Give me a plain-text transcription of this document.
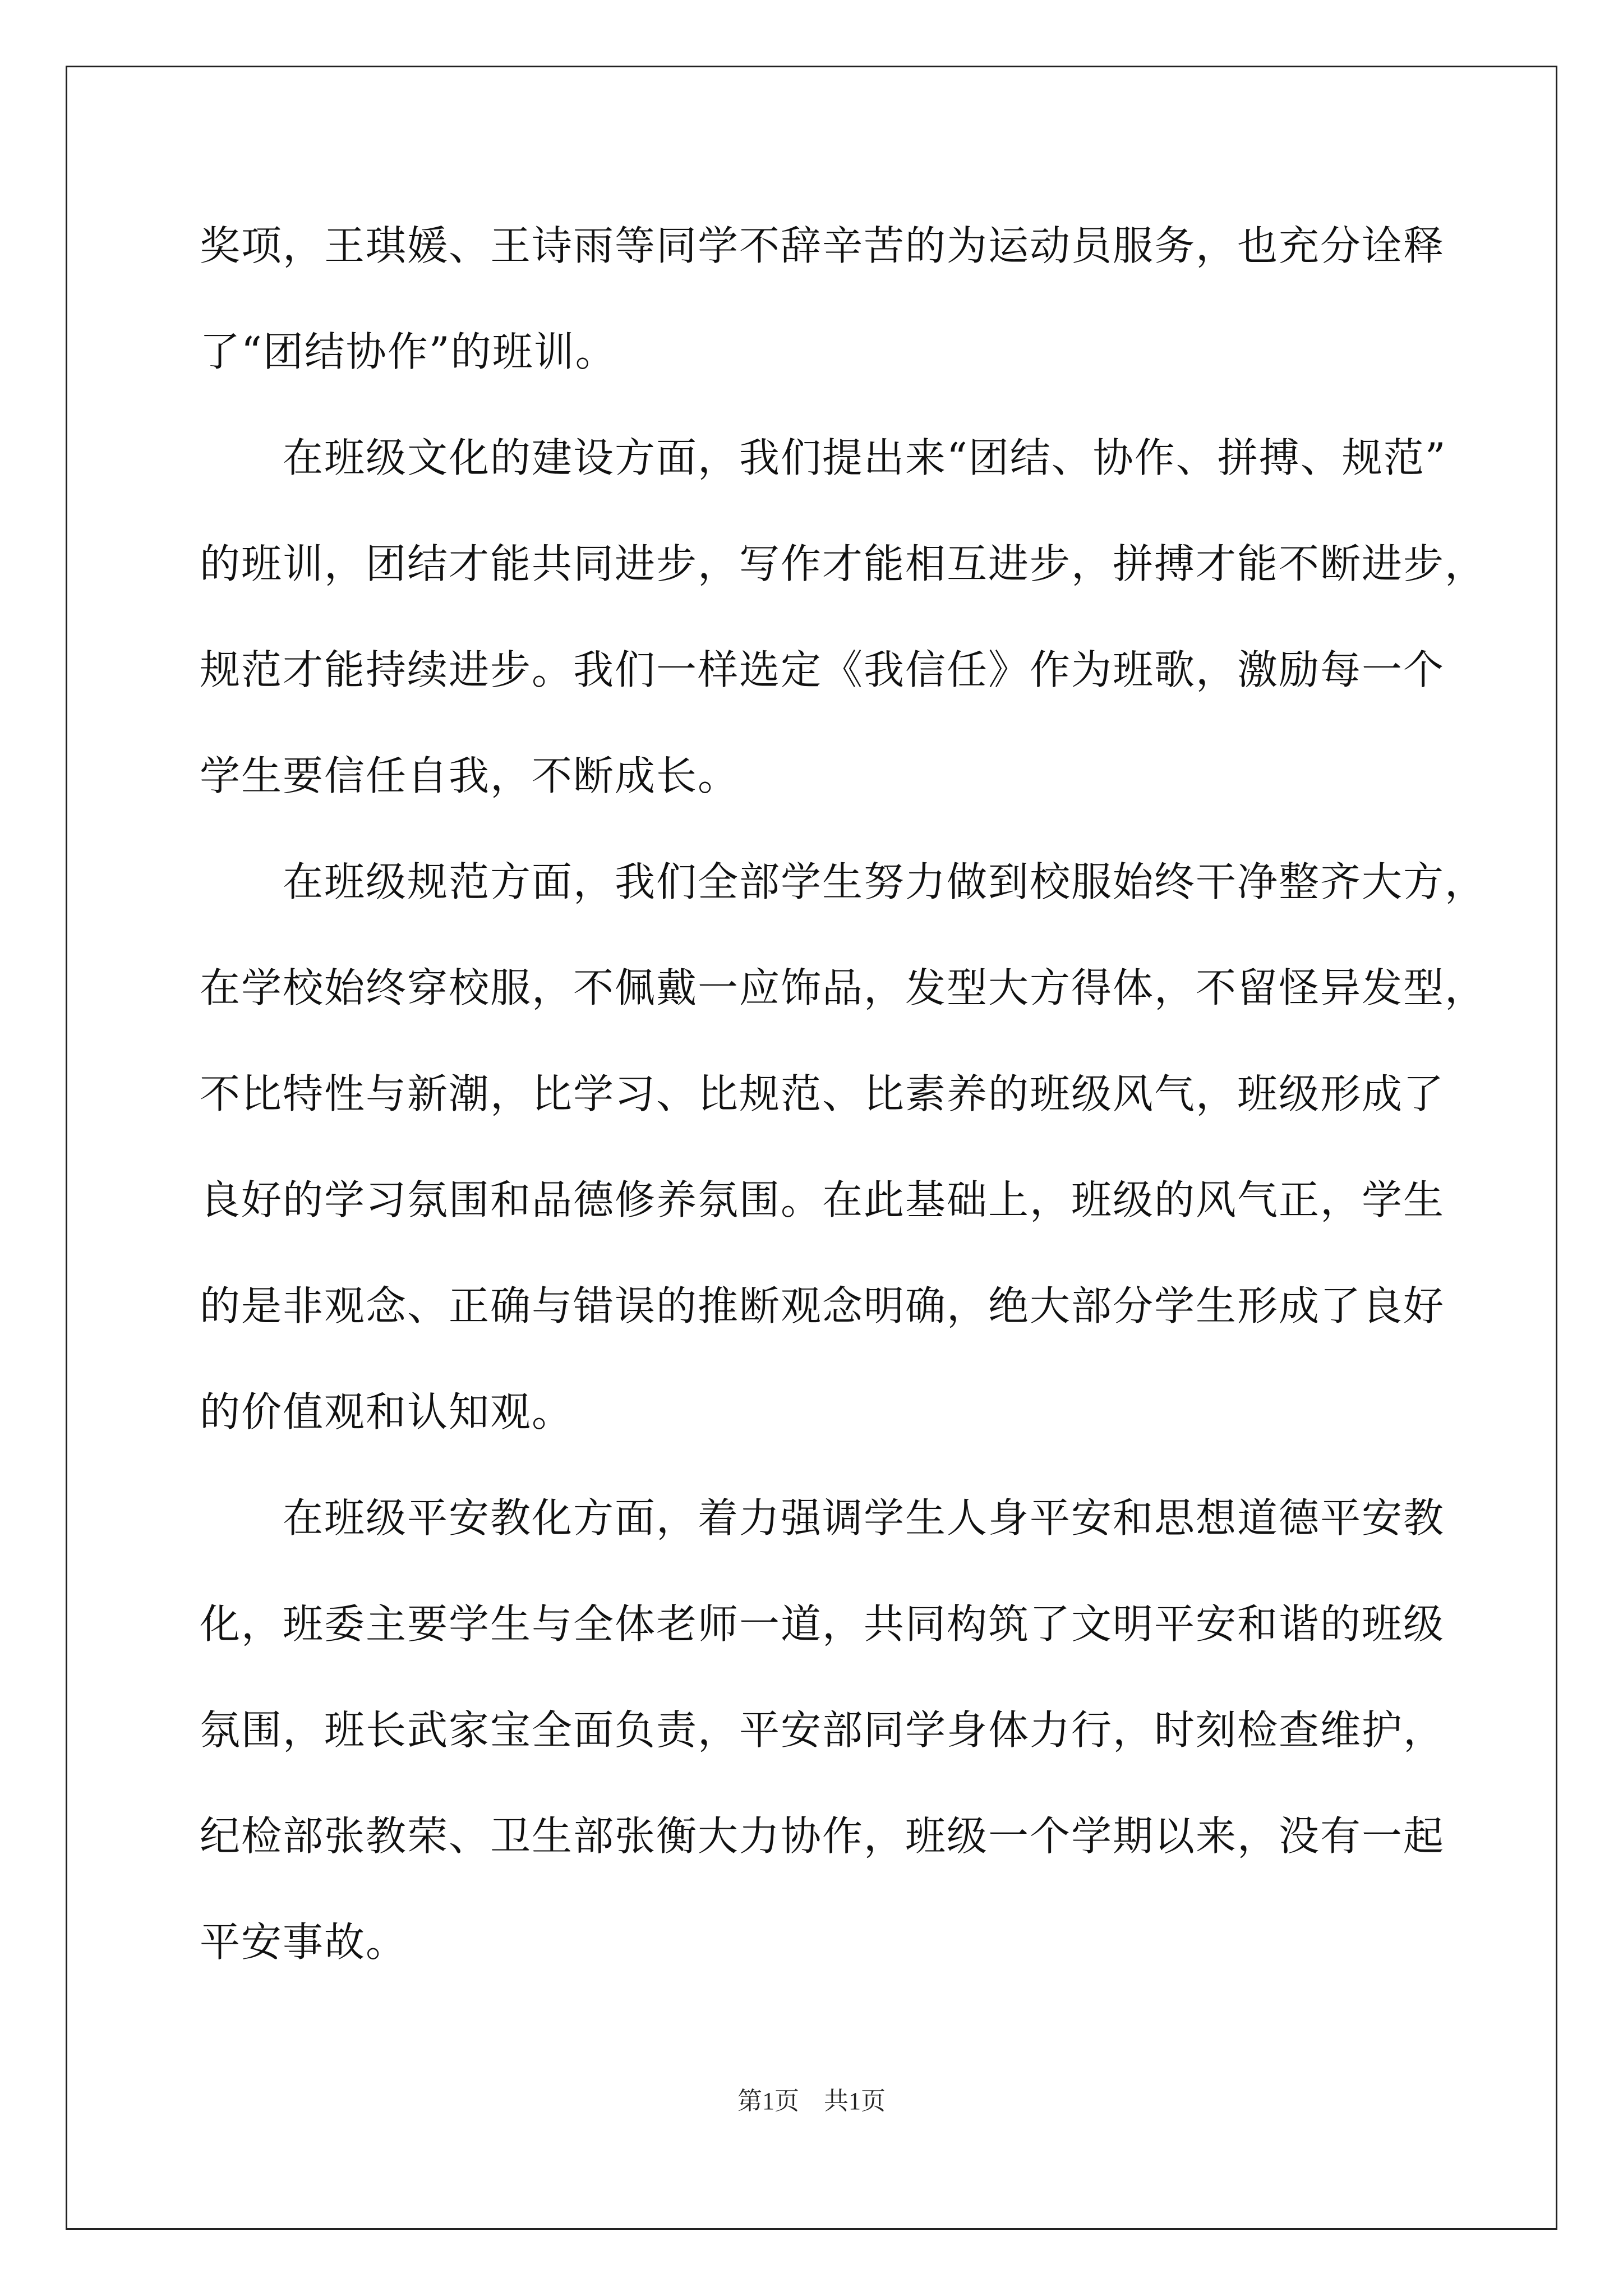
奖项，王琪媛、王诗雨等同学不辞辛苦的为运动员服务，也充分诠释
了“团结协作”的班训。
　　在班级文化的建设方面，我们提出来“团结、协作、拼搏、规范”
的班训，团结才能共同进步，写作才能相互进步，拼搏才能不断进步，
规范才能持续进步。我们一样选定《我信任》作为班歌，激励每一个
学生要信任自我，不断成长。
　　在班级规范方面，我们全部学生努力做到校服始终干净整齐大方，
在学校始终穿校服，不佩戴一应饰品，发型大方得体，不留怪异发型，
不比特性与新潮，比学习、比规范、比素养的班级风气，班级形成了
良好的学习氛围和品德修养氛围。在此基础上，班级的风气正，学生
的是非观念、正确与错误的推断观念明确，绝大部分学生形成了良好
的价值观和认知观。
　　在班级平安教化方面，着力强调学生人身平安和思想道德平安教
化，班委主要学生与全体老师一道，共同构筑了文明平安和谐的班级
氛围，班长武家宝全面负责，平安部同学身体力行，时刻检查维护，
纪检部张教荣、卫生部张衡大力协作，班级一个学期以来，没有一起
平安事故。
第1页　共1页
